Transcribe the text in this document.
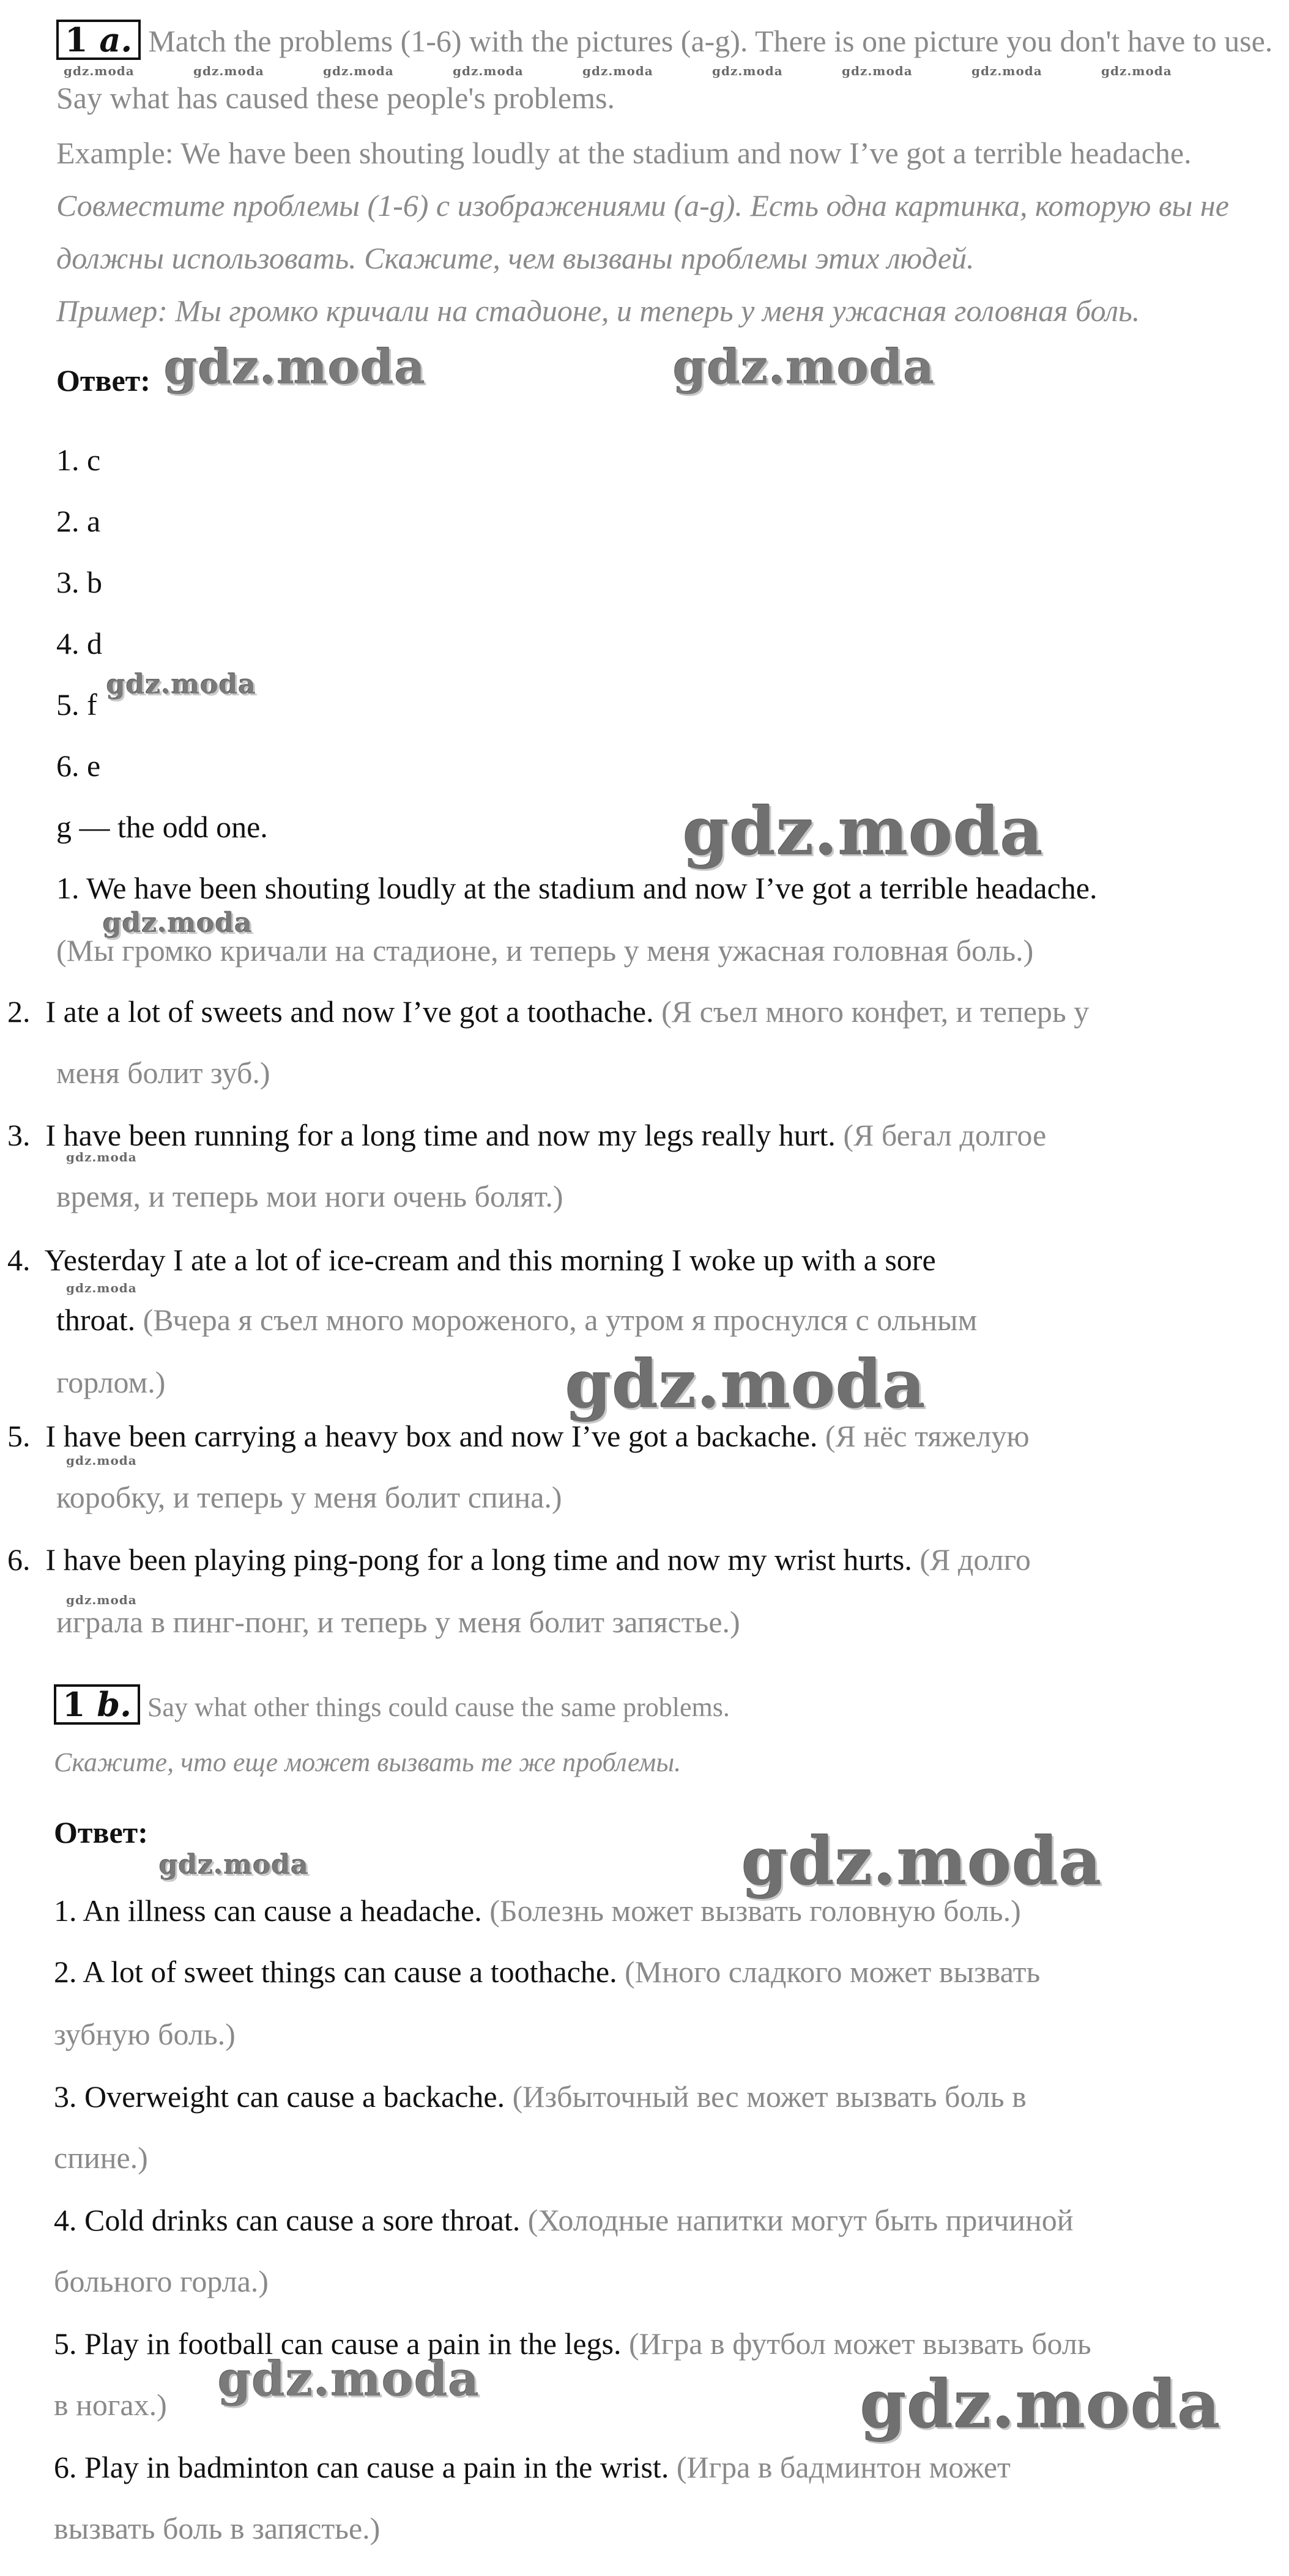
1 a. Match the problems (1-6) with the pictures (a-g). There is one picture you don't have to use.
Say what has caused these people's problems.
Example: We have been shouting loudly at the stadium and now I’ve got a terrible headache.
Совместите проблемы (1-6) с изображениями (a-g). Есть одна картинка, которую вы не
должны использовать. Скажите, чем вызваны проблемы этих людей.
Пример: Мы громко кричали на стадионе, и теперь у меня ужасная головная боль.
Ответ:
1. c
2. a
3. b
4. d
5. f
6. e
g — the odd one.
1. We have been shouting loudly at the stadium and now I’ve got a terrible headache.
(Мы громко кричали на стадионе, и теперь у меня ужасная головная боль.)
2. I ate a lot of sweets and now I’ve got a toothache. (Я съел много конфет, и теперь у
меня болит зуб.)
3. I have been running for a long time and now my legs really hurt. (Я бегал долгое
время, и теперь мои ноги очень болят.)
4. Yesterday I ate a lot of ice-cream and this morning I woke up with a sore
throat. (Вчера я съел много мороженого, а утром я проснулся с ольным
горлом.)
5. I have been carrying a heavy box and now I’ve got a backache. (Я нёс тяжелую
коробку, и теперь у меня болит спина.)
6. I have been playing ping-pong for a long time and now my wrist hurts. (Я долго
играла в пинг-понг, и теперь у меня болит запястье.)
1 b. Say what other things could cause the same problems.
Скажите, что еще может вызвать те же проблемы.
Ответ:
1. An illness can cause a headache. (Болезнь может вызвать головную боль.)
2. A lot of sweet things can cause a toothache. (Много сладкого может вызвать
зубную боль.)
3. Overweight can cause a backache. (Избыточный вес может вызвать боль в
спине.)
4. Cold drinks can cause a sore throat. (Холодные напитки могут быть причиной
больного горла.)
5. Play in football can cause a pain in the legs. (Игра в футбол может вызвать боль
в ногах.)
6. Play in badminton can cause a pain in the wrist. (Игра в бадминтон может
вызвать боль в запястье.)
gdz.moda	gdz.moda	gdz.moda	gdz.moda	gdz.moda	gdz.moda	gdz.moda	gdz.moda	gdz.moda
gdz.moda	gdz.moda
gdz.moda
gdz.moda
gdz.moda
gdz.moda
gdz.moda
gdz.moda
gdz.moda
gdz.moda
gdz.moda	gdz.moda
gdz.moda	gdz.moda
